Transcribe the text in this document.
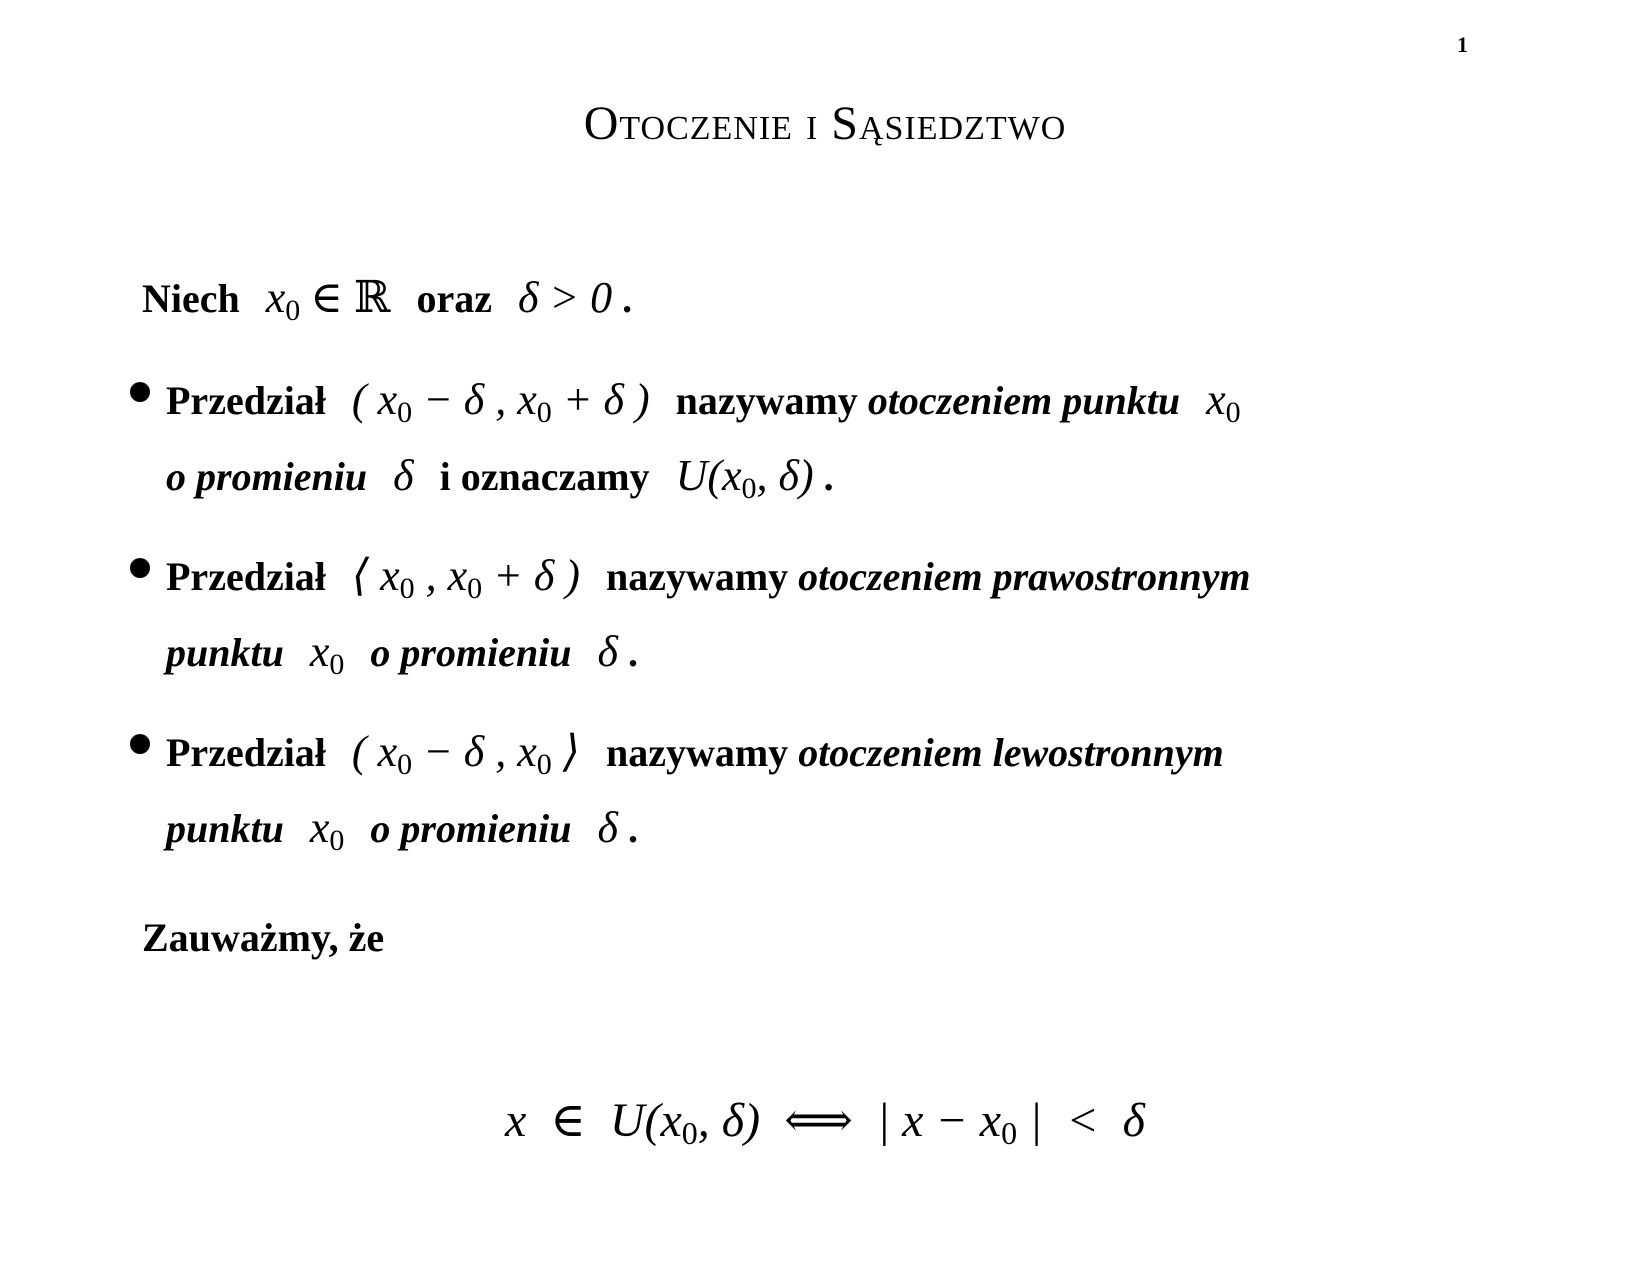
1
Otoczenie i Sąsiedztwo
Niech $x_0$ ∈ ℝ oraz δ > 0 .
Przedział ( $x_0 - \delta$ , $x_0 + \delta$ ) nazywamy otoczeniem punktu $x_0$
o promieniu δ i oznaczamy $U(x_0$, δ) .
Przedział ⟨ $x_0$ , $x_0 + \delta$ ) nazywamy otoczeniem prawostronnym
punktu $x_0$ o promieniu δ .
Przedział ( $x_0 - \delta$ , $x_0$ ⟩ nazywamy otoczeniem lewostronnym
punktu $x_0$ o promieniu δ .
Zauważmy, że
x  ∈  $U(x_0$, δ)  ⟺  | $x - x_0$ |  <  δ
